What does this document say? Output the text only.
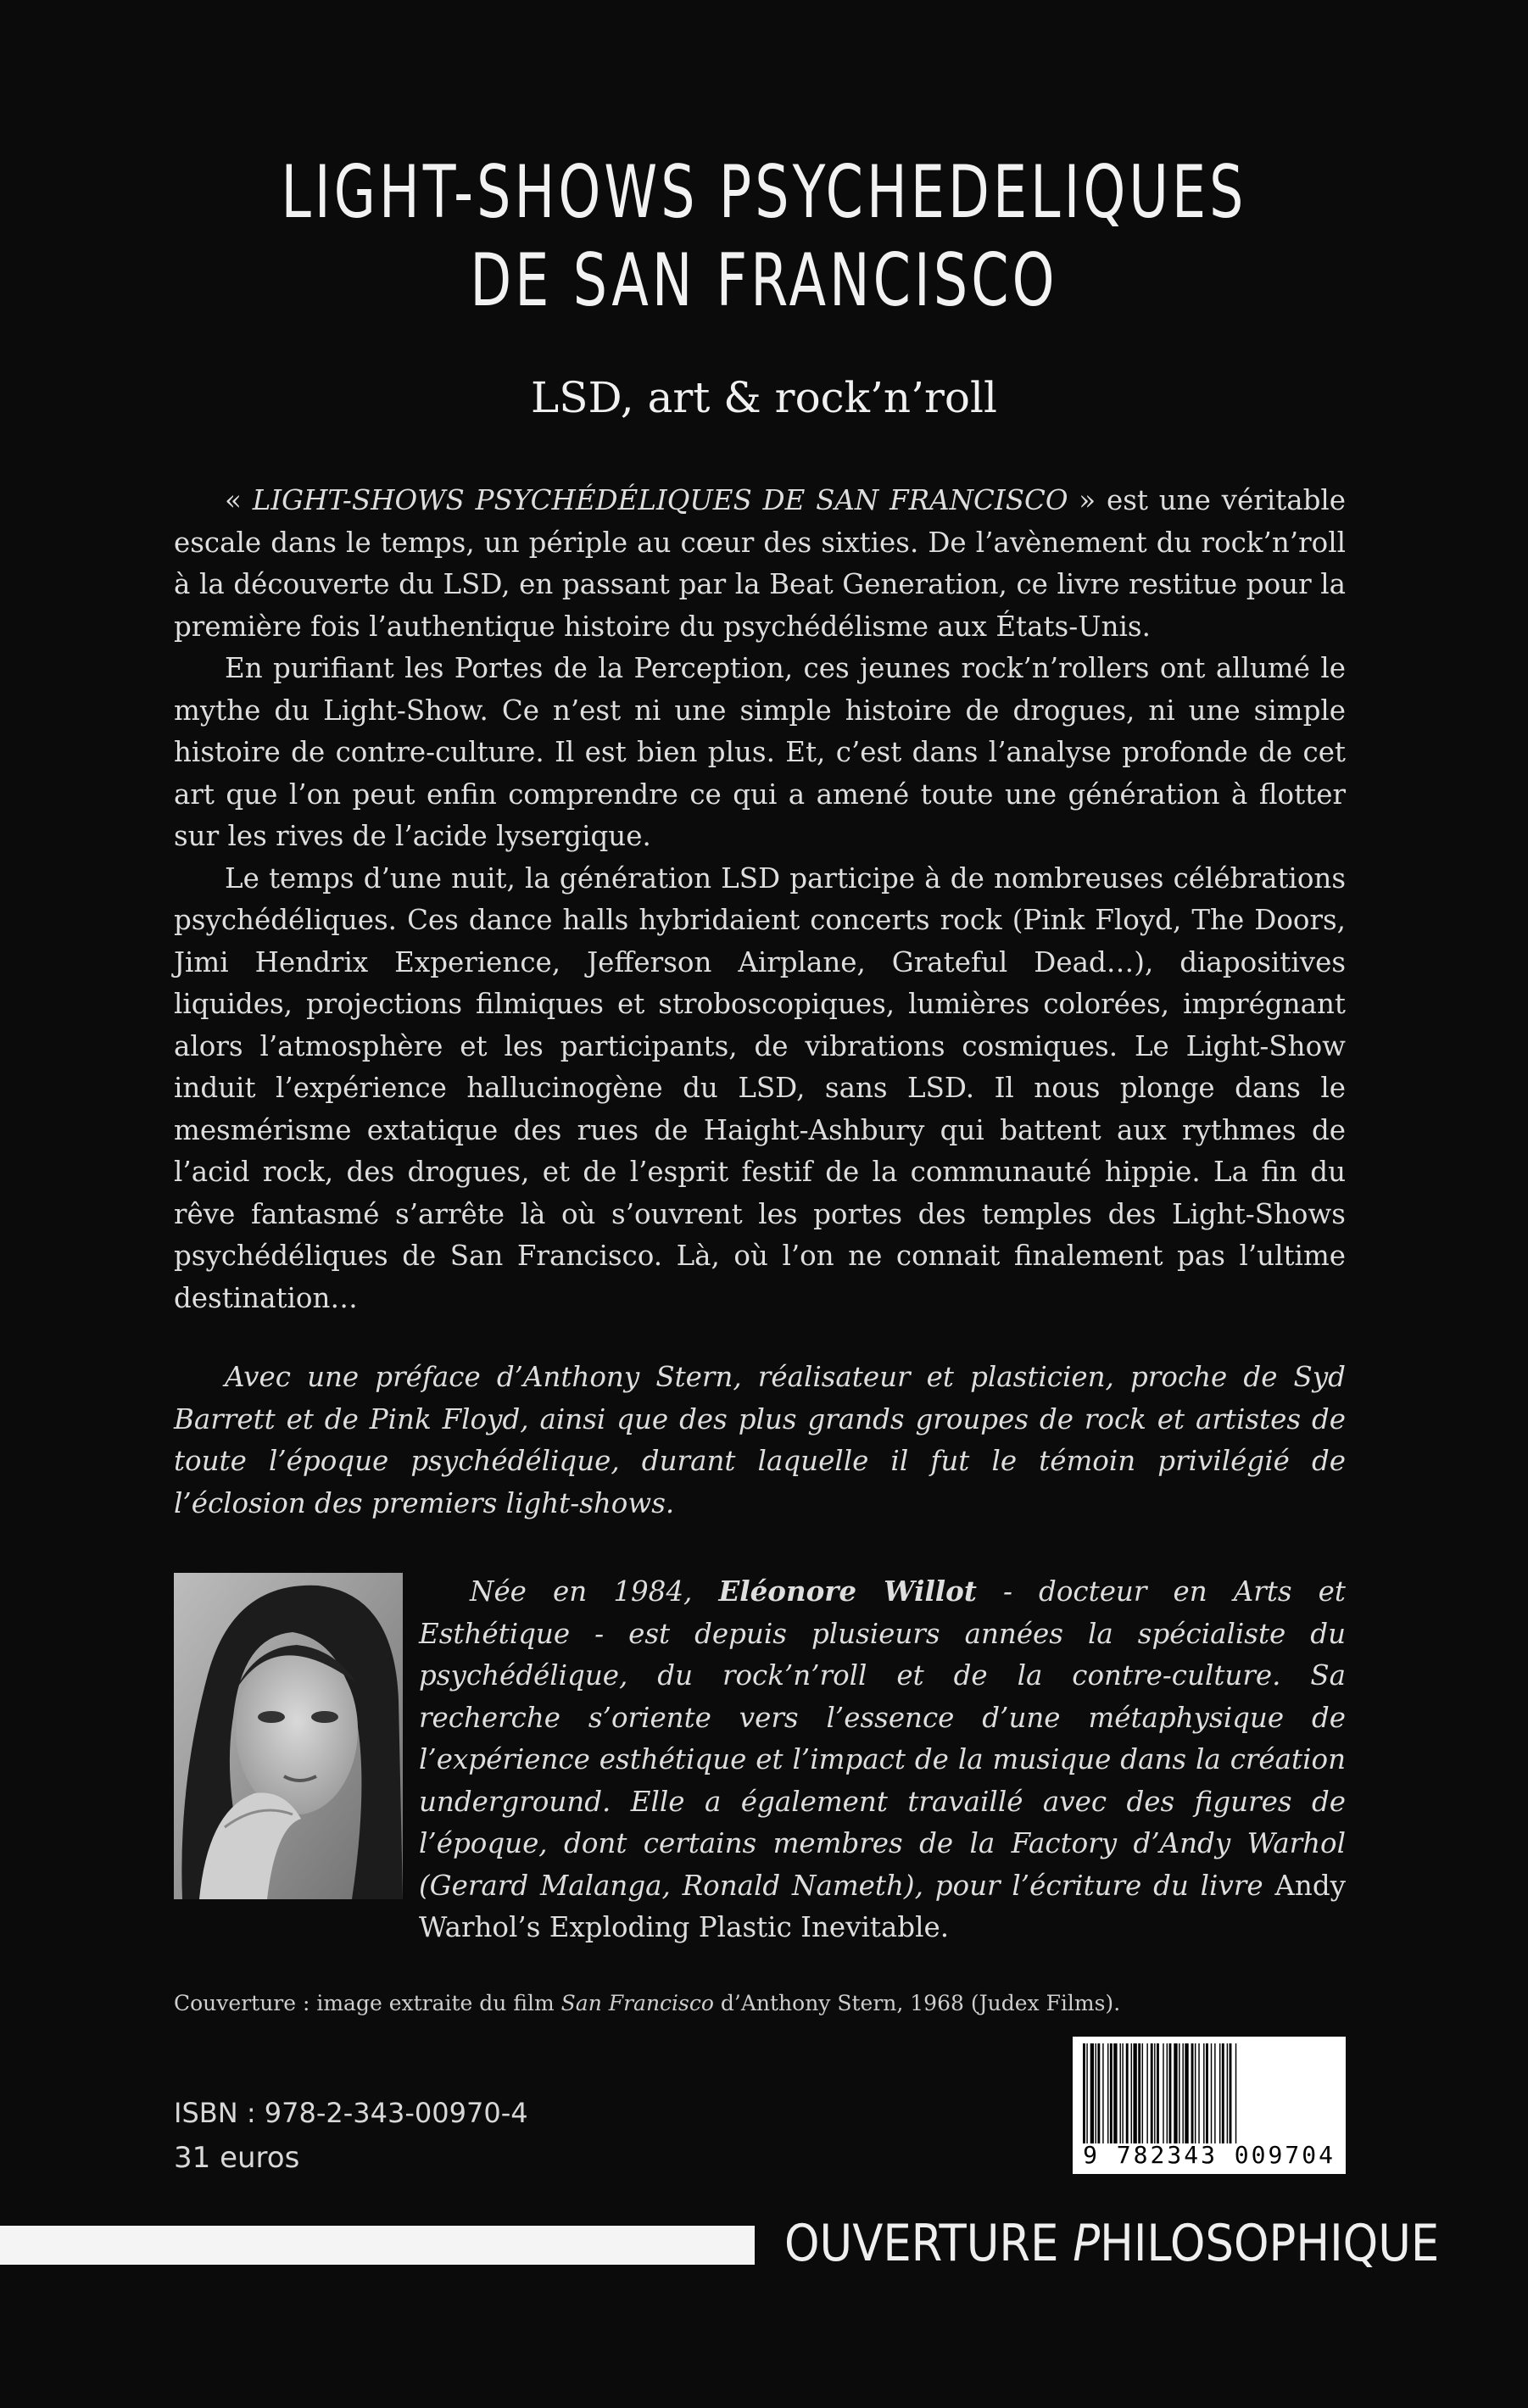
LIGHT-SHOWS PSYCHEDELIQUES
DE SAN FRANCISCO
LSD, art & rock’n’roll

« LIGHT-SHOWS PSYCHÉDÉLIQUES DE SAN FRANCISCO » est une véritable escale dans le temps, un périple au cœur des sixties. De l’avènement du rock’n’roll à la découverte du LSD, en passant par la Beat Generation, ce livre restitue pour la première fois l’authentique histoire du psychédélisme aux États-Unis.

En purifiant les Portes de la Perception, ces jeunes rock’n’rollers ont allumé le mythe du Light-Show. Ce n’est ni une simple histoire de drogues, ni une simple histoire de contre-culture. Il est bien plus. Et, c’est dans l’analyse profonde de cet art que l’on peut enfin comprendre ce qui a amené toute une génération à flotter sur les rives de l’acide lysergique.

Le temps d’une nuit, la génération LSD participe à de nombreuses célébrations psychédéliques. Ces dance halls hybridaient concerts rock (Pink Floyd, The Doors, Jimi Hendrix Experience, Jefferson Airplane, Grateful Dead…), diapositives liquides, projections filmiques et stroboscopiques, lumières colorées, imprégnant alors l’atmosphère et les participants, de vibrations cosmiques. Le Light-Show induit l’expérience hallucinogène du LSD, sans LSD. Il nous plonge dans le mesmérisme extatique des rues de Haight-Ashbury qui battent aux rythmes de l’acid rock, des drogues, et de l’esprit festif de la communauté hippie. La fin du rêve fantasmé s’arrête là où s’ouvrent les portes des temples des Light-Shows psychédéliques de San Francisco. Là, où l’on ne connait finalement pas l’ultime destination…

Avec une préface d’Anthony Stern, réalisateur et plasticien, proche de Syd Barrett et de Pink Floyd, ainsi que des plus grands groupes de rock et artistes de toute l’époque psychédélique, durant laquelle il fut le témoin privilégié de l’éclosion des premiers light-shows.

Née en 1984, Eléonore Willot - docteur en Arts et Esthétique - est depuis plusieurs années la spécialiste du psychédélique, du rock’n’roll et de la contre-culture. Sa recherche s’oriente vers l’essence d’une métaphysique de l’expérience esthétique et l’impact de la musique dans la création underground. Elle a également travaillé avec des figures de l’époque, dont certains membres de la Factory d’Andy Warhol (Gerard Malanga, Ronald Nameth), pour l’écriture du livre Andy Warhol’s Exploding Plastic Inevitable.

Couverture : image extraite du film San Francisco d’Anthony Stern, 1968 (Judex Films).
ISBN : 978-2-343-00970-4
31 euros	9 782343 009704
OUVERTURE PHILOSOPHIQUE
